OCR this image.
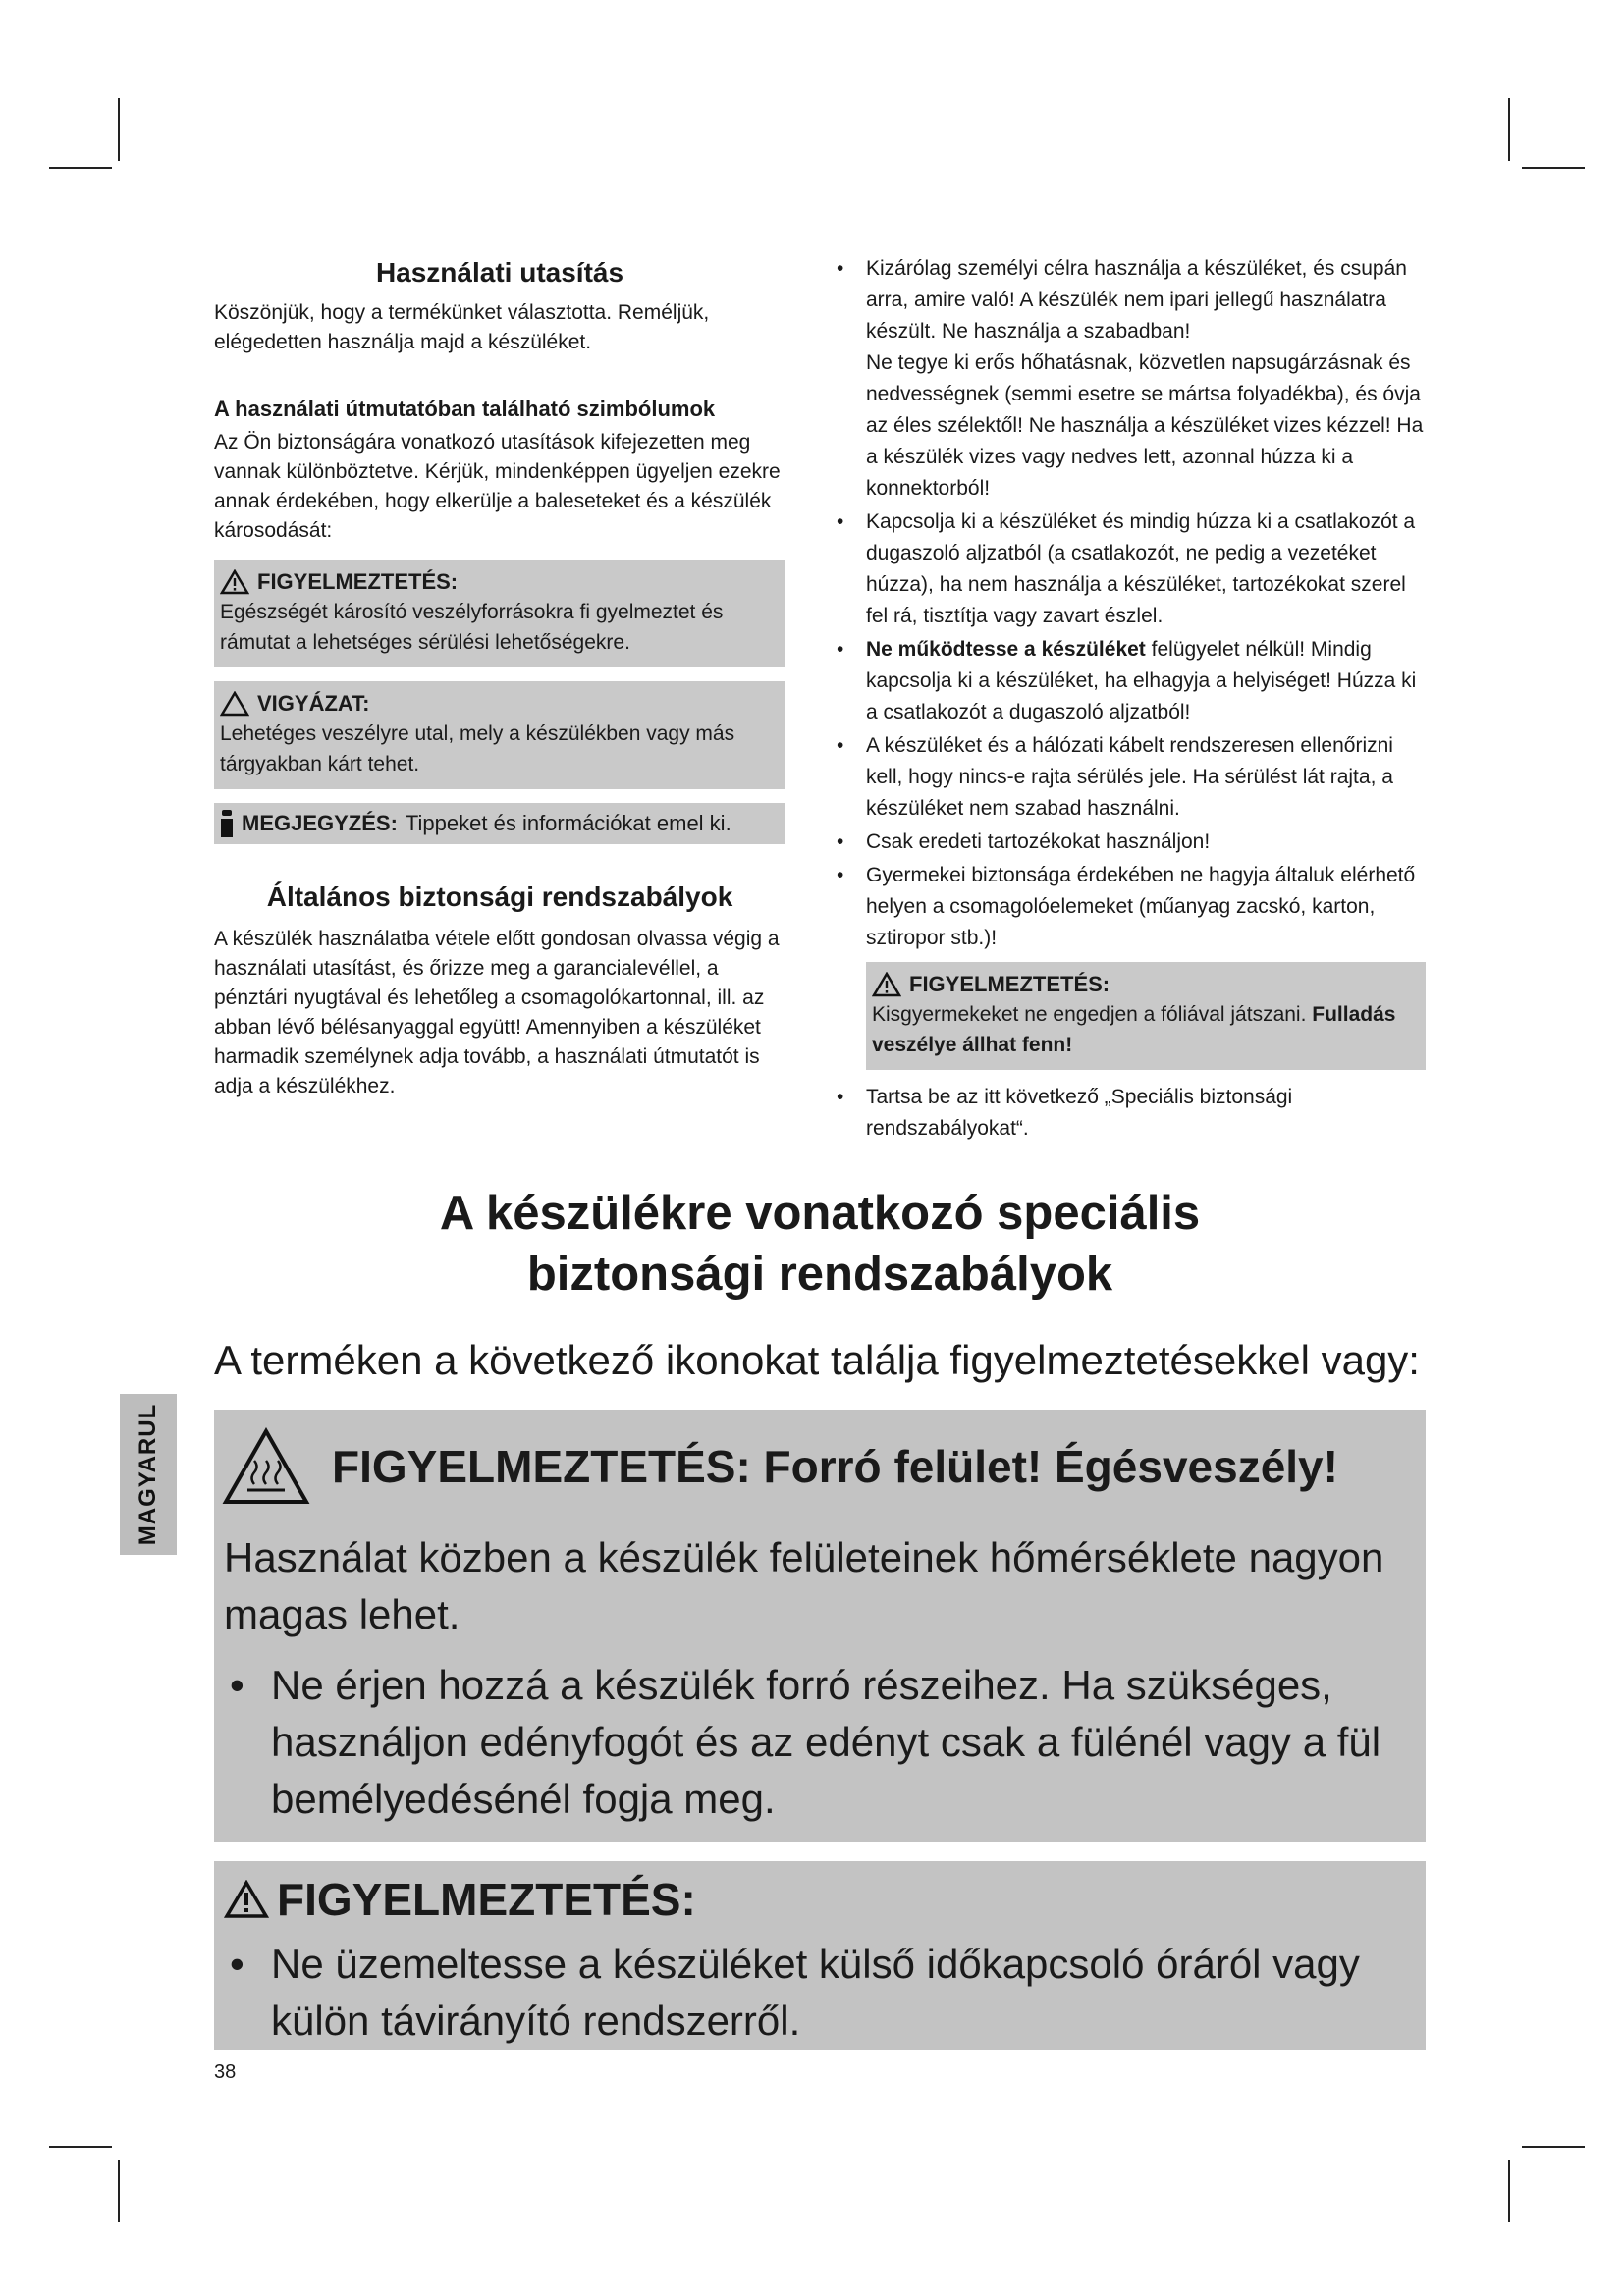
Használati utasítás

Köszönjük, hogy a termékünket választotta. Reméljük, elégedetten használja majd a készüléket.

A használati útmutatóban található szimbólumok

Az Ön biztonságára vonatkozó utasítások kifejezetten meg vannak különböztetve. Kérjük, mindenképpen ügyeljen ezekre annak érdekében, hogy elkerülje a baleseteket és a készülék károsodását:

FIGYELMEZTETÉS:
Egészségét károsító veszélyforrásokra fi gyelmeztet és rámutat a lehetséges sérülési lehetőségekre.
VIGYÁZAT:
Lehetéges veszélyre utal, mely a készülékben vagy más tárgyakban kárt tehet.
MEGJEGYZÉS: Tippeket és információkat emel ki.
Általános biztonsági rendszabályok

A készülék használatba vétele előtt gondosan olvassa végig a használati utasítást, és őrizze meg a garancialevéllel, a pénztári nyugtával és lehetőleg a csomagolókartonnal, ill. az abban lévő bélésanyaggal együtt! Amennyiben a készüléket harmadik személynek adja tovább, a használati útmutatót is adja a készülékhez.

• Kizárólag személyi célra használja a készüléket, és csupán arra, amire való! A készülék nem ipari jellegű használatra készült. Ne használja a szabadban!
Ne tegye ki erős hőhatásnak, közvetlen napsugárzásnak és nedvességnek (semmi esetre se mártsa folyadékba), és óvja az éles szélektől! Ne használja a készüléket vizes kézzel! Ha a készülék vizes vagy nedves lett, azonnal húzza ki a konnektorból!
• Kapcsolja ki a készüléket és mindig húzza ki a csatlakozót a dugaszoló aljzatból (a csatlakozót, ne pedig a vezetéket húzza), ha nem használja a készüléket, tartozékokat szerel fel rá, tisztítja vagy zavart észlel.
• Ne működtesse a készüléket felügyelet nélkül! Mindig kapcsolja ki a készüléket, ha elhagyja a helyiséget! Húzza ki a csatlakozót a dugaszoló aljzatból!
• A készüléket és a hálózati kábelt rendszeresen ellenőrizni kell, hogy nincs-e rajta sérülés jele. Ha sérülést lát rajta, a készüléket nem szabad használni.
• Csak eredeti tartozékokat használjon!
• Gyermekei biztonsága érdekében ne hagyja általuk elérhető helyen a csomagolóelemeket (műanyag zacskó, karton, sztiropor stb.)!
FIGYELMEZTETÉS:
Kisgyermekeket ne engedjen a fóliával játszani. Fulladás veszélye állhat fenn!
• Tartsa be az itt következő „Speciális biztonsági rendszabályokat“.
A készülékre vonatkozó speciális
biztonsági rendszabályok
A terméken a következő ikonokat találja figyelmeztetésekkel vagy:
MAGYARUL	FIGYELMEZTETÉS: Forró felület! Égésveszély!
Használat közben a készülék felületeinek hőmérséklete nagyon magas lehet.
• Ne érjen hozzá a készülék forró részeihez. Ha szükséges, használjon edényfogót és az edényt csak a fülénél vagy a fül bemélyedésénél fogja meg.
FIGYELMEZTETÉS:
• Ne üzemeltesse a készüléket külső időkapcsoló óráról vagy külön távirányító rendszerről.
38
